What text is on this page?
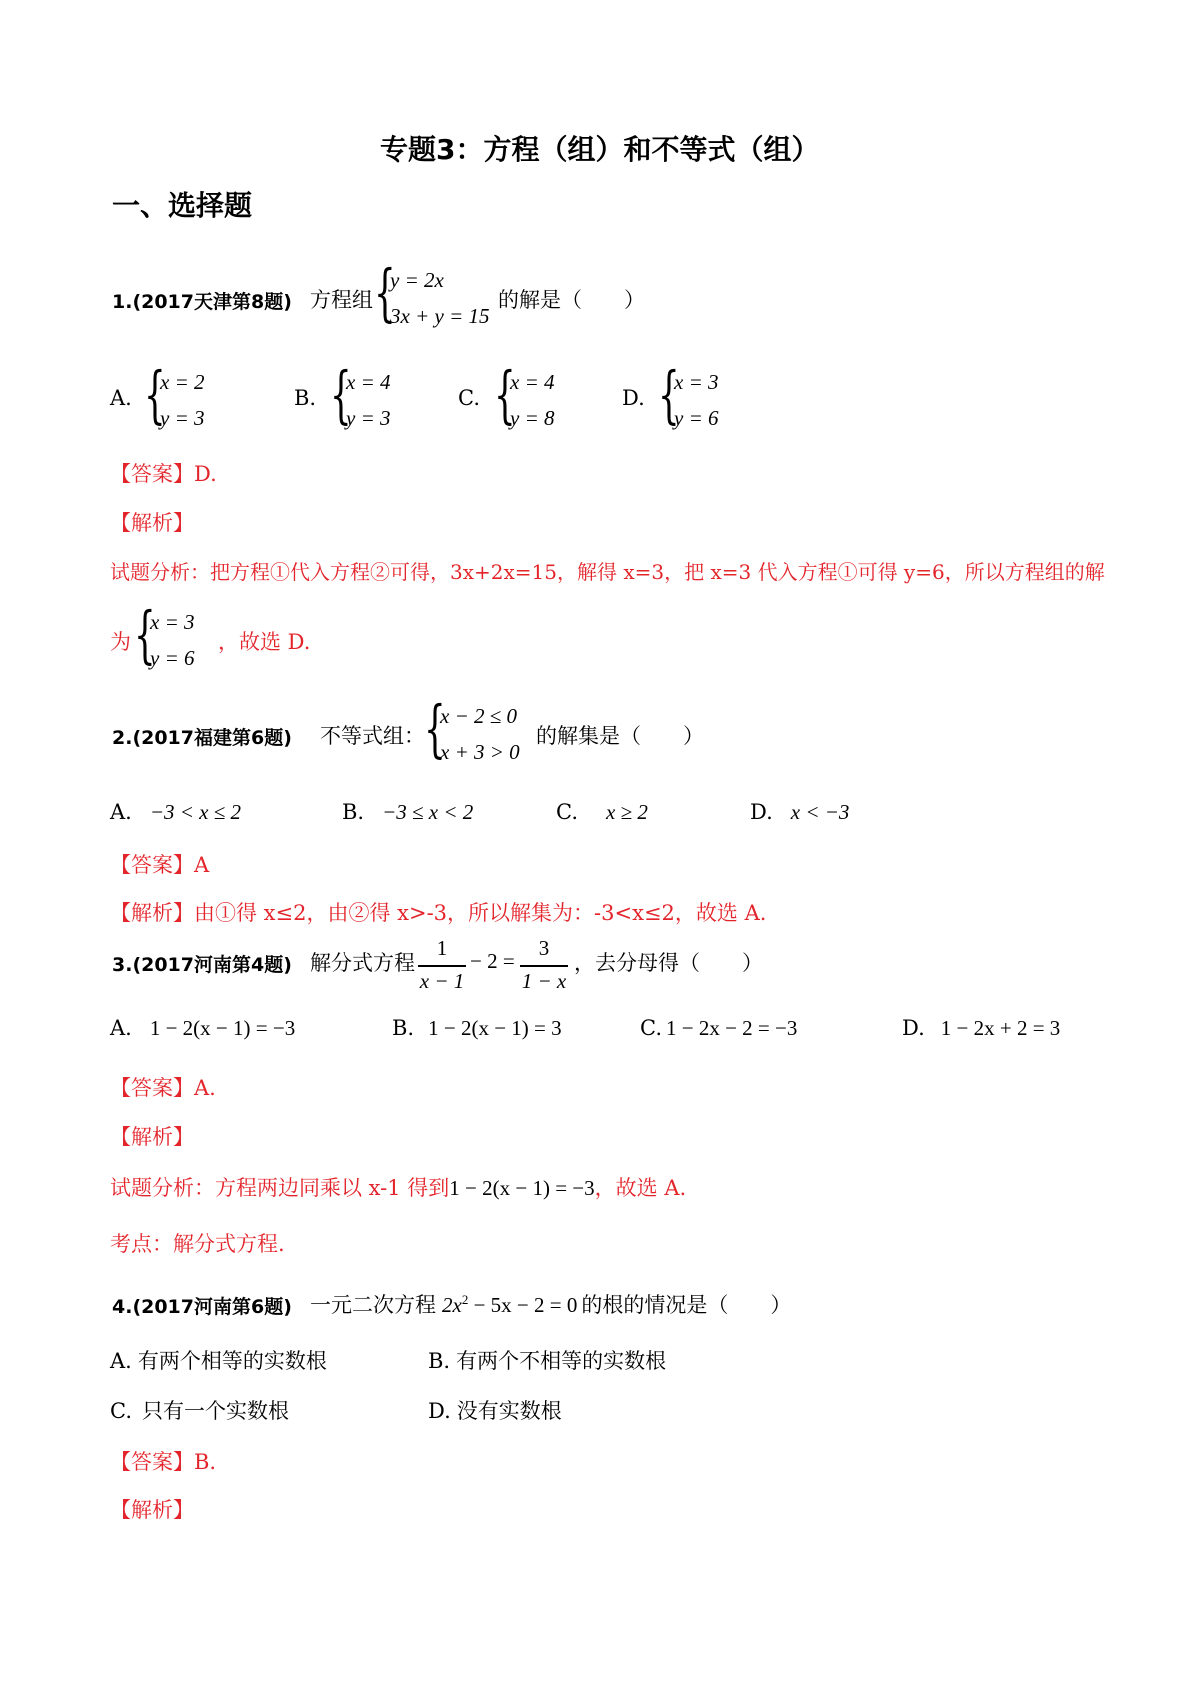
专题3：方程（组）和不等式（组）
一、选择题
1.(2017天津第8题) 方程组 {
y = 2x
3x + y = 15
的解是（　　）
A. {
x = 2
y = 3
B. {
x = 4
y = 3
C. {
x = 4
y = 8
D. {
x = 3
y = 6
【答案】D.
【解析】
试题分析：把方程①代入方程②可得，3x+2x=15，解得 x=3，把 x=3 代入方程①可得 y=6，所以方程组的解
为 {
x = 3
y = 6
，故选 D.
2.(2017福建第6题) 不等式组： {
x − 2 ≤ 0
x + 3 > 0
的解集是（　　）
A. −3 < x ≤ 2	B. −3 ≤ x < 2	C. x ≥ 2	D. x < −3
【答案】A
【解析】由①得 x≤2，由②得 x>-3，所以解集为：-3<x≤2，故选 A.
3.(2017河南第4题) 解分式方程
1
x − 1
− 2 =
3
1 − x
，去分母得（　　）
A. 1 − 2(x − 1) = −3	B. 1 − 2(x − 1) = 3	C. 1 − 2x − 2 = −3	D. 1 − 2x + 2 = 3
【答案】A.
【解析】
试题分析：方程两边同乘以 x-1 得到1 − 2(x − 1) = −3，故选 A.
考点：解分式方程.
4.(2017河南第6题) 一元二次方程 $2x^2 - 5x - 2 = 0$ 的根的情况是（　　）
A. 有两个相等的实数根	B. 有两个不相等的实数根
C. 只有一个实数根	D. 没有实数根
【答案】B.
【解析】
